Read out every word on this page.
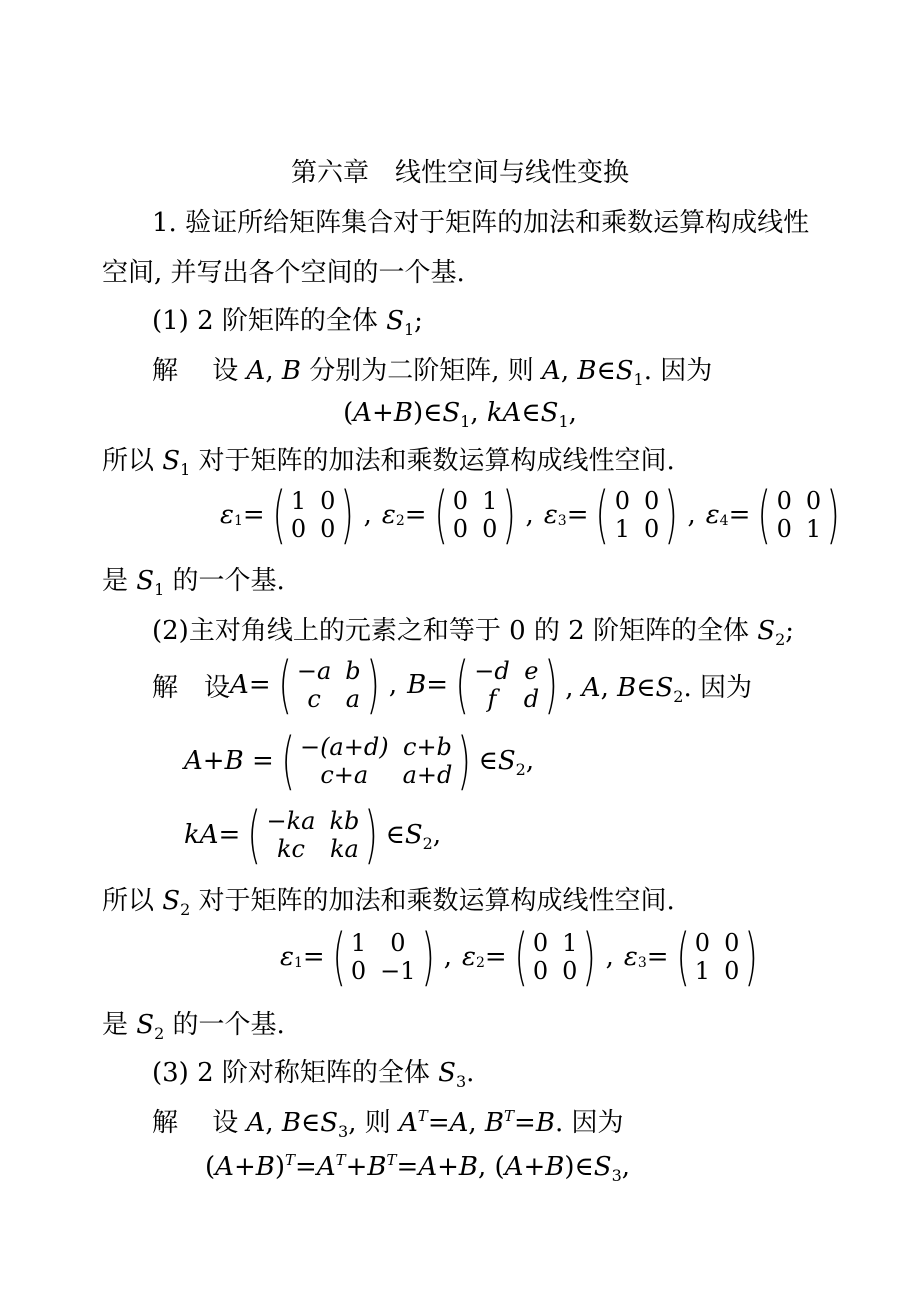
第六章　线性空间与线性变换
1. 验证所给矩阵集合对于矩阵的加法和乘数运算构成线性
空间, 并写出各个空间的一个基.
(1) 2 阶矩阵的全体 $S_1$;
解　 设 A, B 分别为二阶矩阵, 则 A, $B\in S_1$. 因为
$(A+B)\in S_1$, $kA\in S_1$,
所以 $S_1$ 对于矩阵的加法和乘数运算构成线性空间.
ε 1 = ( 1 0
0 0 ) , ε 2 = ( 0 1
0 0 ) , ε 3 = ( 0 0
1 0 ) , ε 4 = ( 0 0
0 1 )
是 $S_1$ 的一个基.
(2)主对角线上的元素之和等于 0 的 2 阶矩阵的全体 $S_2$;
解
　 设 A = ( −a b
c a ) , B = ( −d e
f d ) , A, $B\in S_2$. 因为
A + B = ( −(a+d) c+b
c+a a+d ) $\in S_2$,
kA = ( −ka kb
kc ka ) $\in S_2$,
所以 $S_2$ 对于矩阵的加法和乘数运算构成线性空间.
ε 1 = ( 1 0
0 −1 ) , ε 2 = ( 0 1
0 0 ) , ε 3 = ( 0 0
1 0 )
是 $S_2$ 的一个基.
(3) 2 阶对称矩阵的全体 $S_3$.
解　 设 A, $B\in S_3$, 则 $A^T=A$, $B^T=B$. 因为
$(A+B)^T=A^T+B^T=A+B$, $(A+B)\in S_3$,
